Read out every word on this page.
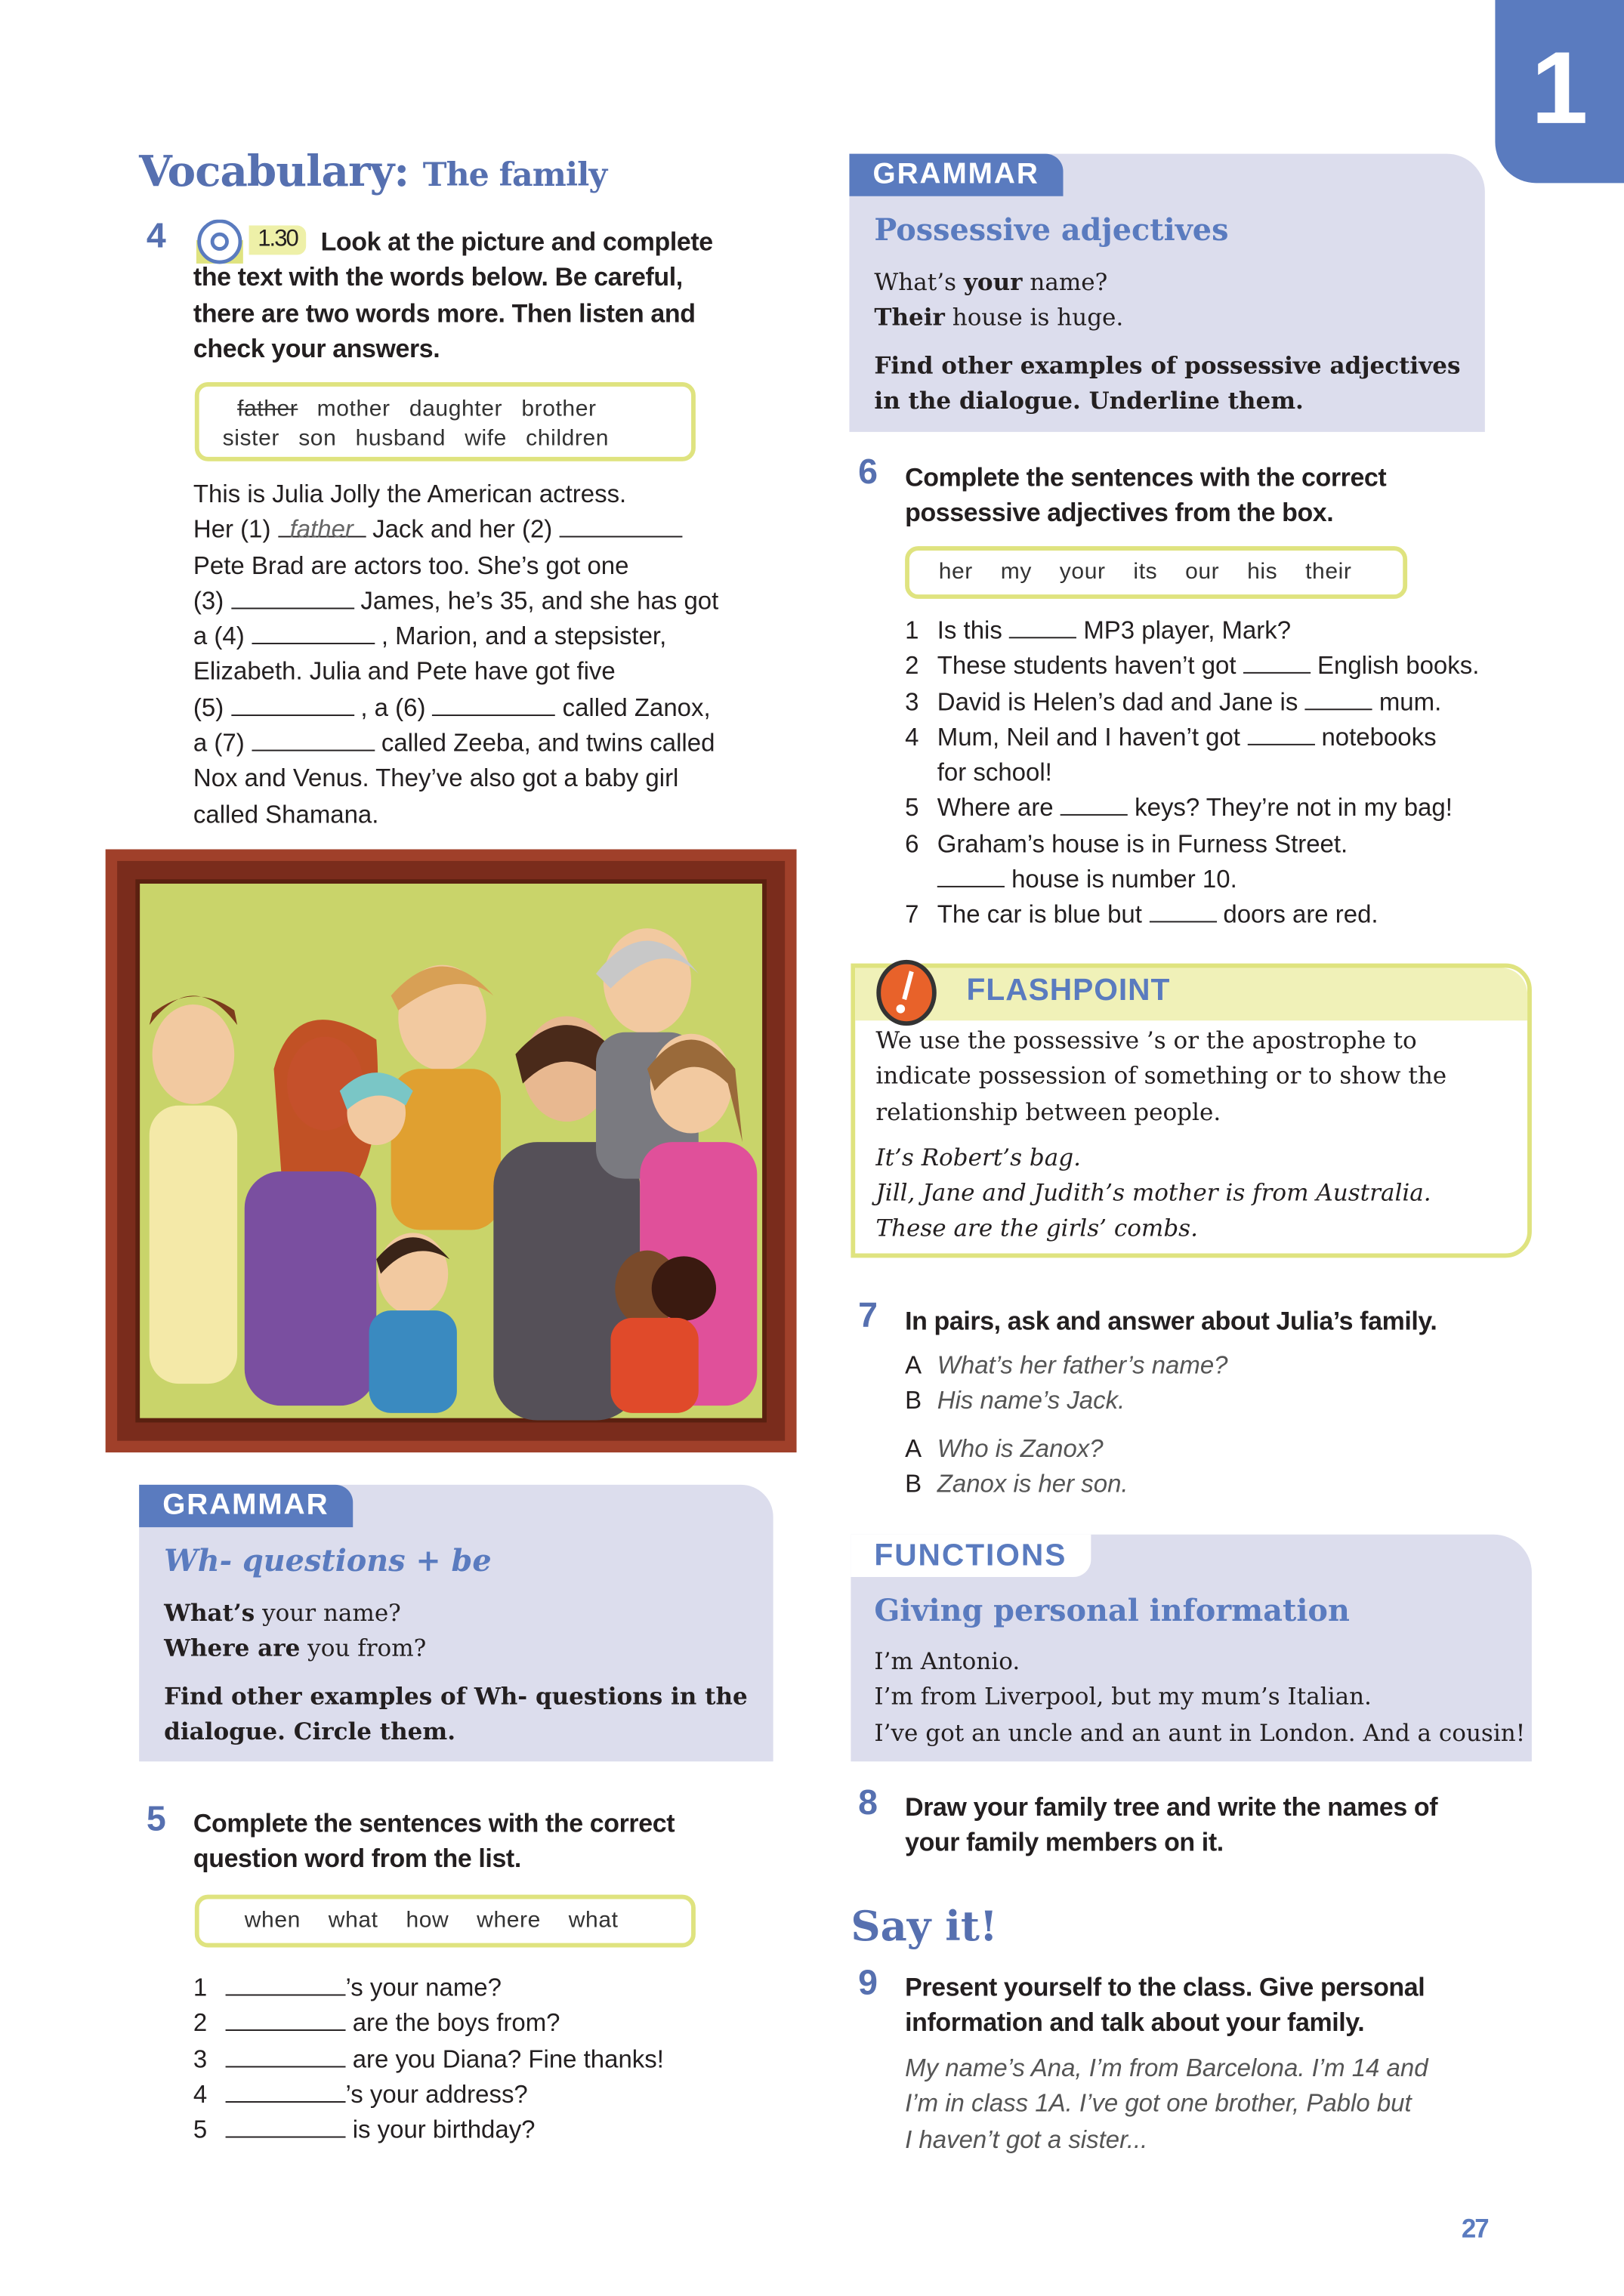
1
Vocabulary: The family
4	1.30	Look at the picture and complete
the text with the words below. Be careful,
there are two words more. Then listen and
check your answers.
father mother daughter brother
sister son husband wife children
This is Julia Jolly the American actress.
Her (1) father Jack and her (2)
Pete Brad are actors too. She’s got one
(3)	James, he’s 35, and she has got
a (4)	, Marion, and a stepsister,
Elizabeth. Julia and Pete have got five
(5)	, a (6)	called Zanox,
a (7)	called Zeeba, and twins called
Nox and Venus. They’ve also got a baby girl
called Shamana.
GRAMMAR
Wh- questions + be
What’s your name?
Where are you from?
Find other examples of Wh- questions in the dialogue. Circle them.
5 Complete the sentences with the correct
question word from the list.
when what how where what
1	’s your name?
2	are the boys from?
3	are you Diana? Fine thanks!
4	’s your address?
5	is your birthday?
GRAMMAR
Possessive adjectives
What’s your name?
Their house is huge.
Find other examples of possessive adjectives in the dialogue. Underline them.
6 Complete the sentences with the correct
possessive adjectives from the box.
her my your its our his their
1	Is this	MP3 player, Mark?
2	These students haven’t got	English books.
3	David is Helen’s dad and Jane is	mum.
4	Mum, Neil and I haven’t got	notebooks
for school!
5	Where are	keys? They’re not in my bag!
6	Graham’s house is in Furness Street.
house is number 10.
7	The car is blue but	doors are red.
FLASHPOINT
We use the possessive ’s or the apostrophe to
indicate possession of something or to show the
relationship between people.
It’s Robert’s bag.
Jill, Jane and Judith’s mother is from Australia.
These are the girls’ combs.
7 In pairs, ask and answer about Julia’s family.
A	What’s her father’s name?
B	His name’s Jack.
A	Who is Zanox?
B	Zanox is her son.
FUNCTIONS
Giving personal information
I’m Antonio.
I’m from Liverpool, but my mum’s Italian.
I’ve got an uncle and an aunt in London. And a cousin!
8 Draw your family tree and write the names of
your family members on it.
Say it!
9 Present yourself to the class. Give personal
information and talk about your family.
My name’s Ana, I’m from Barcelona. I’m 14 and
I’m in class 1A. I’ve got one brother, Pablo but
I haven’t got a sister...
27
